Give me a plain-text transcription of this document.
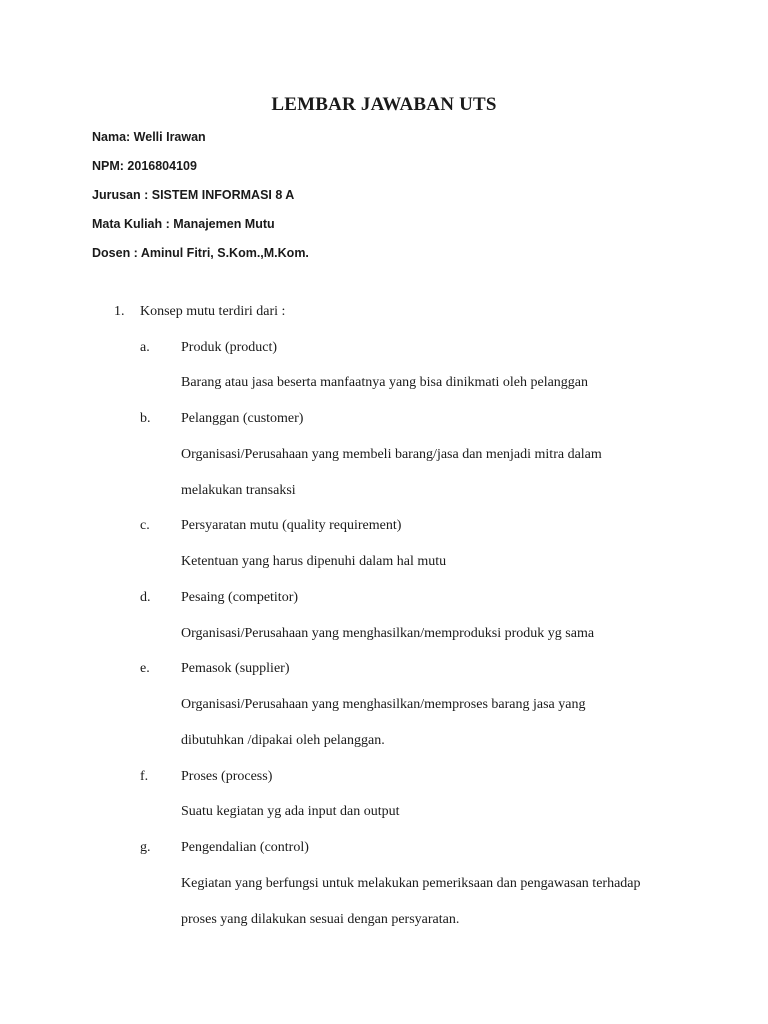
LEMBAR JAWABAN UTS
Nama: Welli Irawan
NPM: 2016804109
Jurusan : SISTEM INFORMASI 8 A
Mata Kuliah : Manajemen Mutu
Dosen : Aminul Fitri, S.Kom.,M.Kom.
1. Konsep mutu terdiri dari :
a. Produk (product)
Barang atau jasa beserta manfaatnya yang bisa dinikmati oleh pelanggan
b. Pelanggan (customer)
Organisasi/Perusahaan yang membeli barang/jasa dan menjadi mitra dalam
melakukan transaksi
c. Persyaratan mutu (quality requirement)
Ketentuan yang harus dipenuhi dalam hal mutu
d. Pesaing (competitor)
Organisasi/Perusahaan yang menghasilkan/memproduksi produk yg sama
e. Pemasok (supplier)
Organisasi/Perusahaan yang menghasilkan/memproses barang jasa yang
dibutuhkan /dipakai oleh pelanggan.
f. Proses (process)
Suatu kegiatan yg ada input dan output
g. Pengendalian (control)
Kegiatan yang berfungsi untuk melakukan pemeriksaan dan pengawasan terhadap
proses yang dilakukan sesuai dengan persyaratan.
